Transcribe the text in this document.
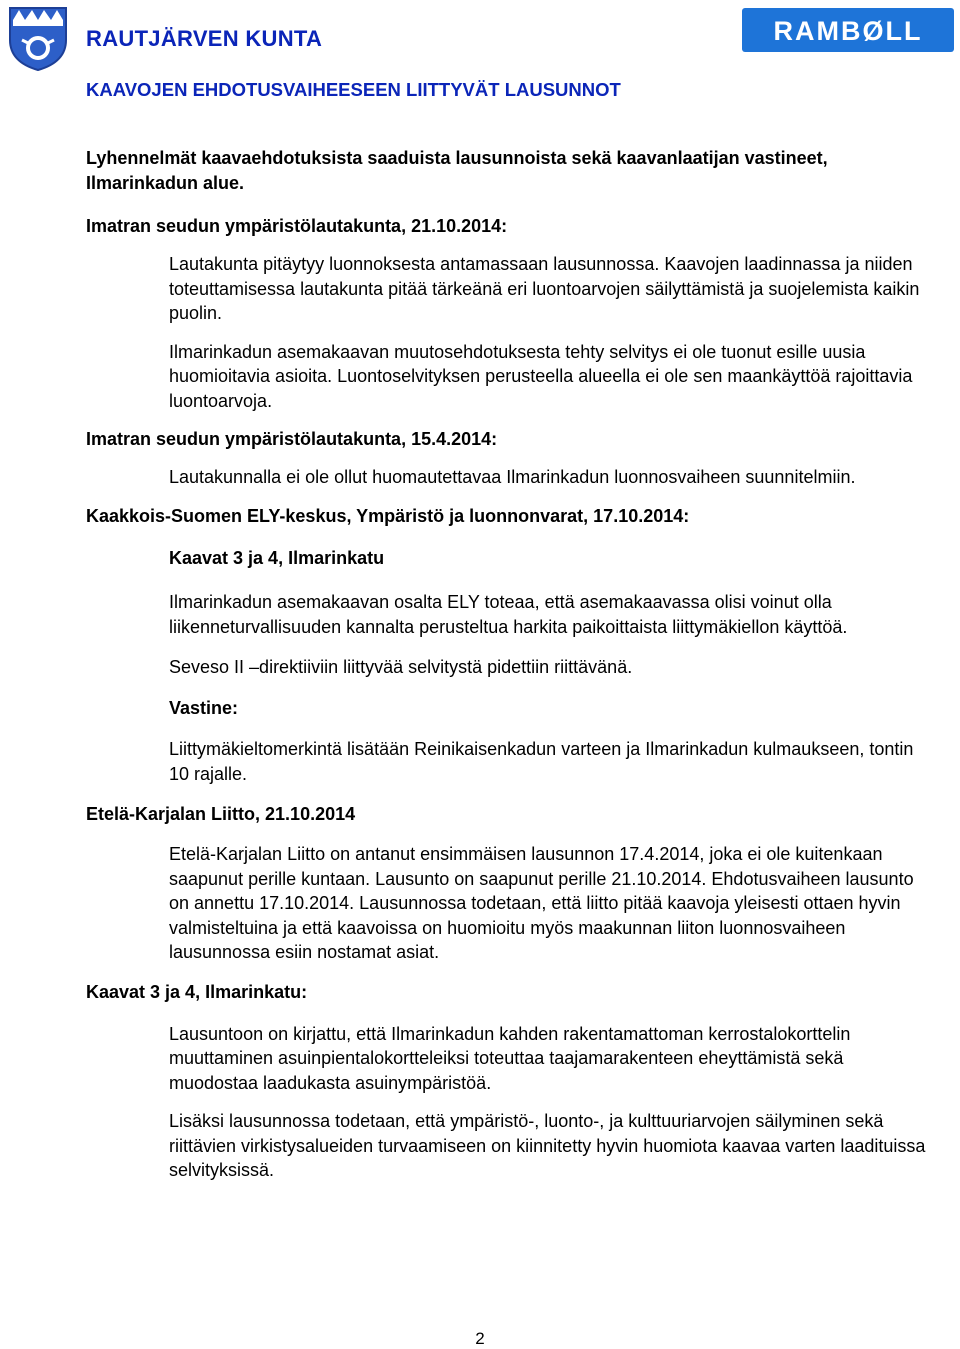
RAUTJÄRVEN KUNTA
KAAVOJEN EHDOTUSVAIHEESEEN LIITTYVÄT LAUSUNNOT
RAMBØLL
Lyhennelmät kaavaehdotuksista saaduista lausunnoista sekä kaavanlaatijan vastineet, Ilmarinkadun alue.
Imatran seudun ympäristölautakunta, 21.10.2014:
Lautakunta pitäytyy luonnoksesta antamassaan lausunnossa. Kaavojen laadinnassa ja niiden toteuttamisessa lautakunta pitää tärkeänä eri luontoarvojen säilyttämistä ja suojelemista kaikin puolin.
Ilmarinkadun asemakaavan muutosehdotuksesta tehty selvitys ei ole tuonut esille uusia huomioitavia asioita. Luontoselvityksen perusteella alueella ei ole sen maankäyttöä rajoittavia luontoarvoja.
Imatran seudun ympäristölautakunta, 15.4.2014:
Lautakunnalla ei ole ollut huomautettavaa Ilmarinkadun luonnosvaiheen suunnitelmiin.
Kaakkois-Suomen ELY-keskus, Ympäristö ja luonnonvarat, 17.10.2014:
Kaavat 3 ja 4, Ilmarinkatu
Ilmarinkadun asemakaavan osalta ELY toteaa, että asemakaavassa olisi voinut olla liikenneturvallisuuden kannalta perusteltua harkita paikoittaista liittymäkiellon käyttöä.
Seveso II –direktiiviin liittyvää selvitystä pidettiin riittävänä.
Vastine:
Liittymäkieltomerkintä lisätään Reinikaisenkadun varteen ja Ilmarinkadun kulmaukseen, tontin 10 rajalle.
Etelä-Karjalan Liitto, 21.10.2014
Etelä-Karjalan Liitto on antanut ensimmäisen lausunnon 17.4.2014, joka ei ole kuitenkaan saapunut perille kuntaan. Lausunto on saapunut perille 21.10.2014. Ehdotusvaiheen lausunto on annettu 17.10.2014. Lausunnossa todetaan, että liitto pitää kaavoja yleisesti ottaen hyvin valmisteltuina ja että kaavoissa on huomioitu myös maakunnan liiton luonnosvaiheen lausunnossa esiin nostamat asiat.
Kaavat 3 ja 4, Ilmarinkatu:
Lausuntoon on kirjattu, että Ilmarinkadun kahden rakentamattoman kerrostalokorttelin muuttaminen asuinpientalokortteleiksi toteuttaa taajamarakenteen eheyttämistä sekä muodostaa laadukasta asuinympäristöä.
Lisäksi lausunnossa todetaan, että ympäristö-, luonto-, ja kulttuuriarvojen säilyminen sekä riittävien virkistysalueiden turvaamiseen on kiinnitetty hyvin huomiota kaavaa varten laadituissa selvityksissä.
2
